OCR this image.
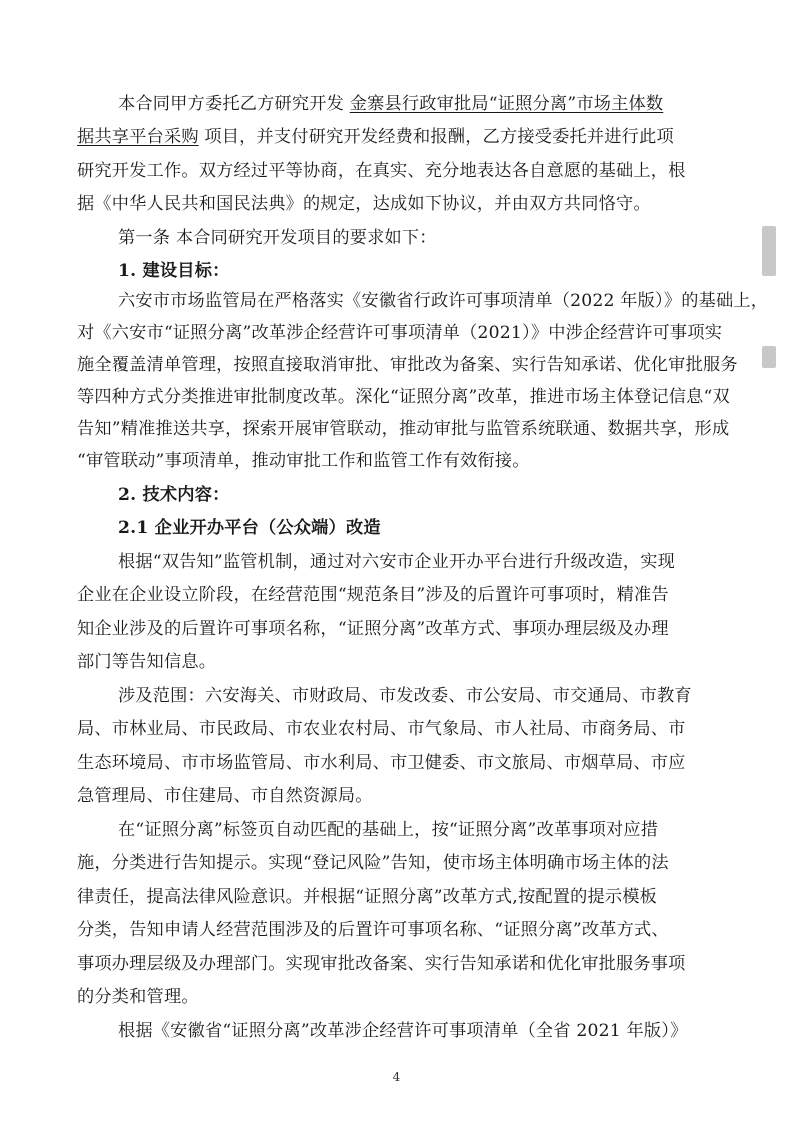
本合同甲方委托乙方研究开发 金寨县行政审批局“证照分离”市场主体数
据共享平台采购 项目，并支付研究开发经费和报酬，乙方接受委托并进行此项
研究开发工作。双方经过平等协商，在真实、充分地表达各自意愿的基础上，根
据《中华人民共和国民法典》的规定，达成如下协议，并由双方共同恪守。
第一条 本合同研究开发项目的要求如下：
1. 建设目标：
六安市市场监管局在严格落实《安徽省行政许可事项清单（2022 年版）》的基础上，
对《六安市“证照分离”改革涉企经营许可事项清单（2021）》中涉企经营许可事项实
施全覆盖清单管理，按照直接取消审批、审批改为备案、实行告知承诺、优化审批服务
等四种方式分类推进审批制度改革。深化“证照分离”改革，推进市场主体登记信息“双
告知”精准推送共享，探索开展审管联动，推动审批与监管系统联通、数据共享，形成
“审管联动”事项清单，推动审批工作和监管工作有效衔接。
2. 技术内容：
2.1 企业开办平台（公众端）改造
根据“双告知”监管机制，通过对六安市企业开办平台进行升级改造，实现
企业在企业设立阶段，在经营范围“规范条目”涉及的后置许可事项时，精准告
知企业涉及的后置许可事项名称，“证照分离”改革方式、事项办理层级及办理
部门等告知信息。
涉及范围：六安海关、市财政局、市发改委、市公安局、市交通局、市教育
局、市林业局、市民政局、市农业农村局、市气象局、市人社局、市商务局、市
生态环境局、市市场监管局、市水利局、市卫健委、市文旅局、市烟草局、市应
急管理局、市住建局、市自然资源局。
在“证照分离”标签页自动匹配的基础上，按“证照分离”改革事项对应措
施，分类进行告知提示。实现“登记风险”告知，使市场主体明确市场主体的法
律责任，提高法律风险意识。并根据“证照分离”改革方式,按配置的提示模板
分类，告知申请人经营范围涉及的后置许可事项名称、“证照分离”改革方式、
事项办理层级及办理部门。实现审批改备案、实行告知承诺和优化审批服务事项
的分类和管理。
根据《安徽省“证照分离”改革涉企经营许可事项清单（全省 2021 年版）》
4
